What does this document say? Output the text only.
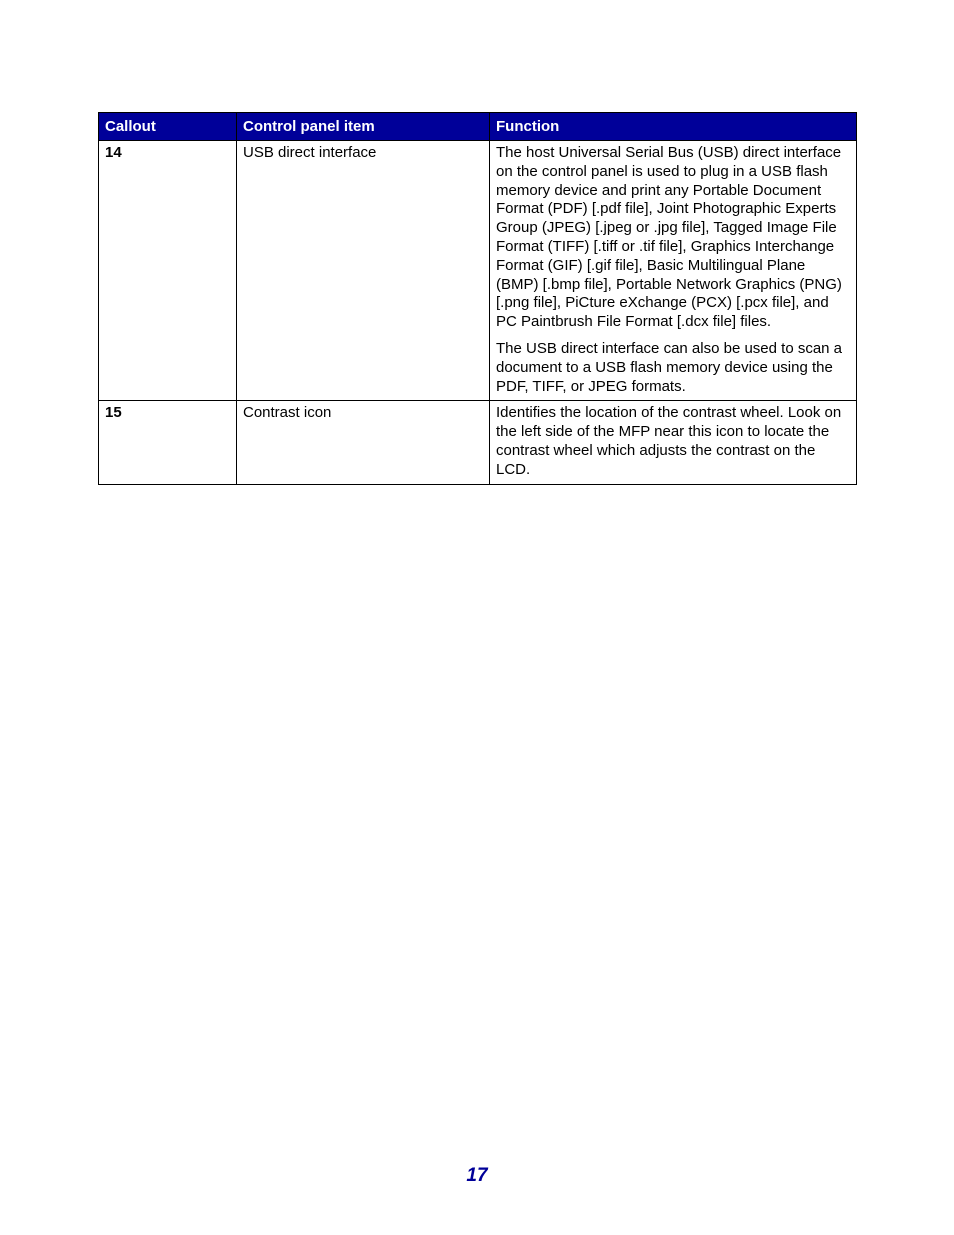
Callout	Control panel item	Function
14	USB direct interface	The host Universal Serial Bus (USB) direct interface on the control panel is used to plug in a USB flash memory device and print any Portable Document Format (PDF) [.pdf file], Joint Photographic Experts Group (JPEG) [.jpeg or .jpg file], Tagged Image File Format (TIFF) [.tiff or .tif file], Graphics Interchange Format (GIF) [.gif file], Basic Multilingual Plane (BMP) [.bmp file], Portable Network Graphics (PNG) [.png file], PiCture eXchange (PCX) [.pcx file], and PC Paintbrush File Format [.dcx file] files.

The USB direct interface can also be used to scan a document to a USB flash memory device using the PDF, TIFF, or JPEG formats.

15	Contrast icon	Identifies the location of the contrast wheel. Look on the left side of the MFP near this icon to locate the contrast wheel which adjusts the contrast on the LCD.

17
